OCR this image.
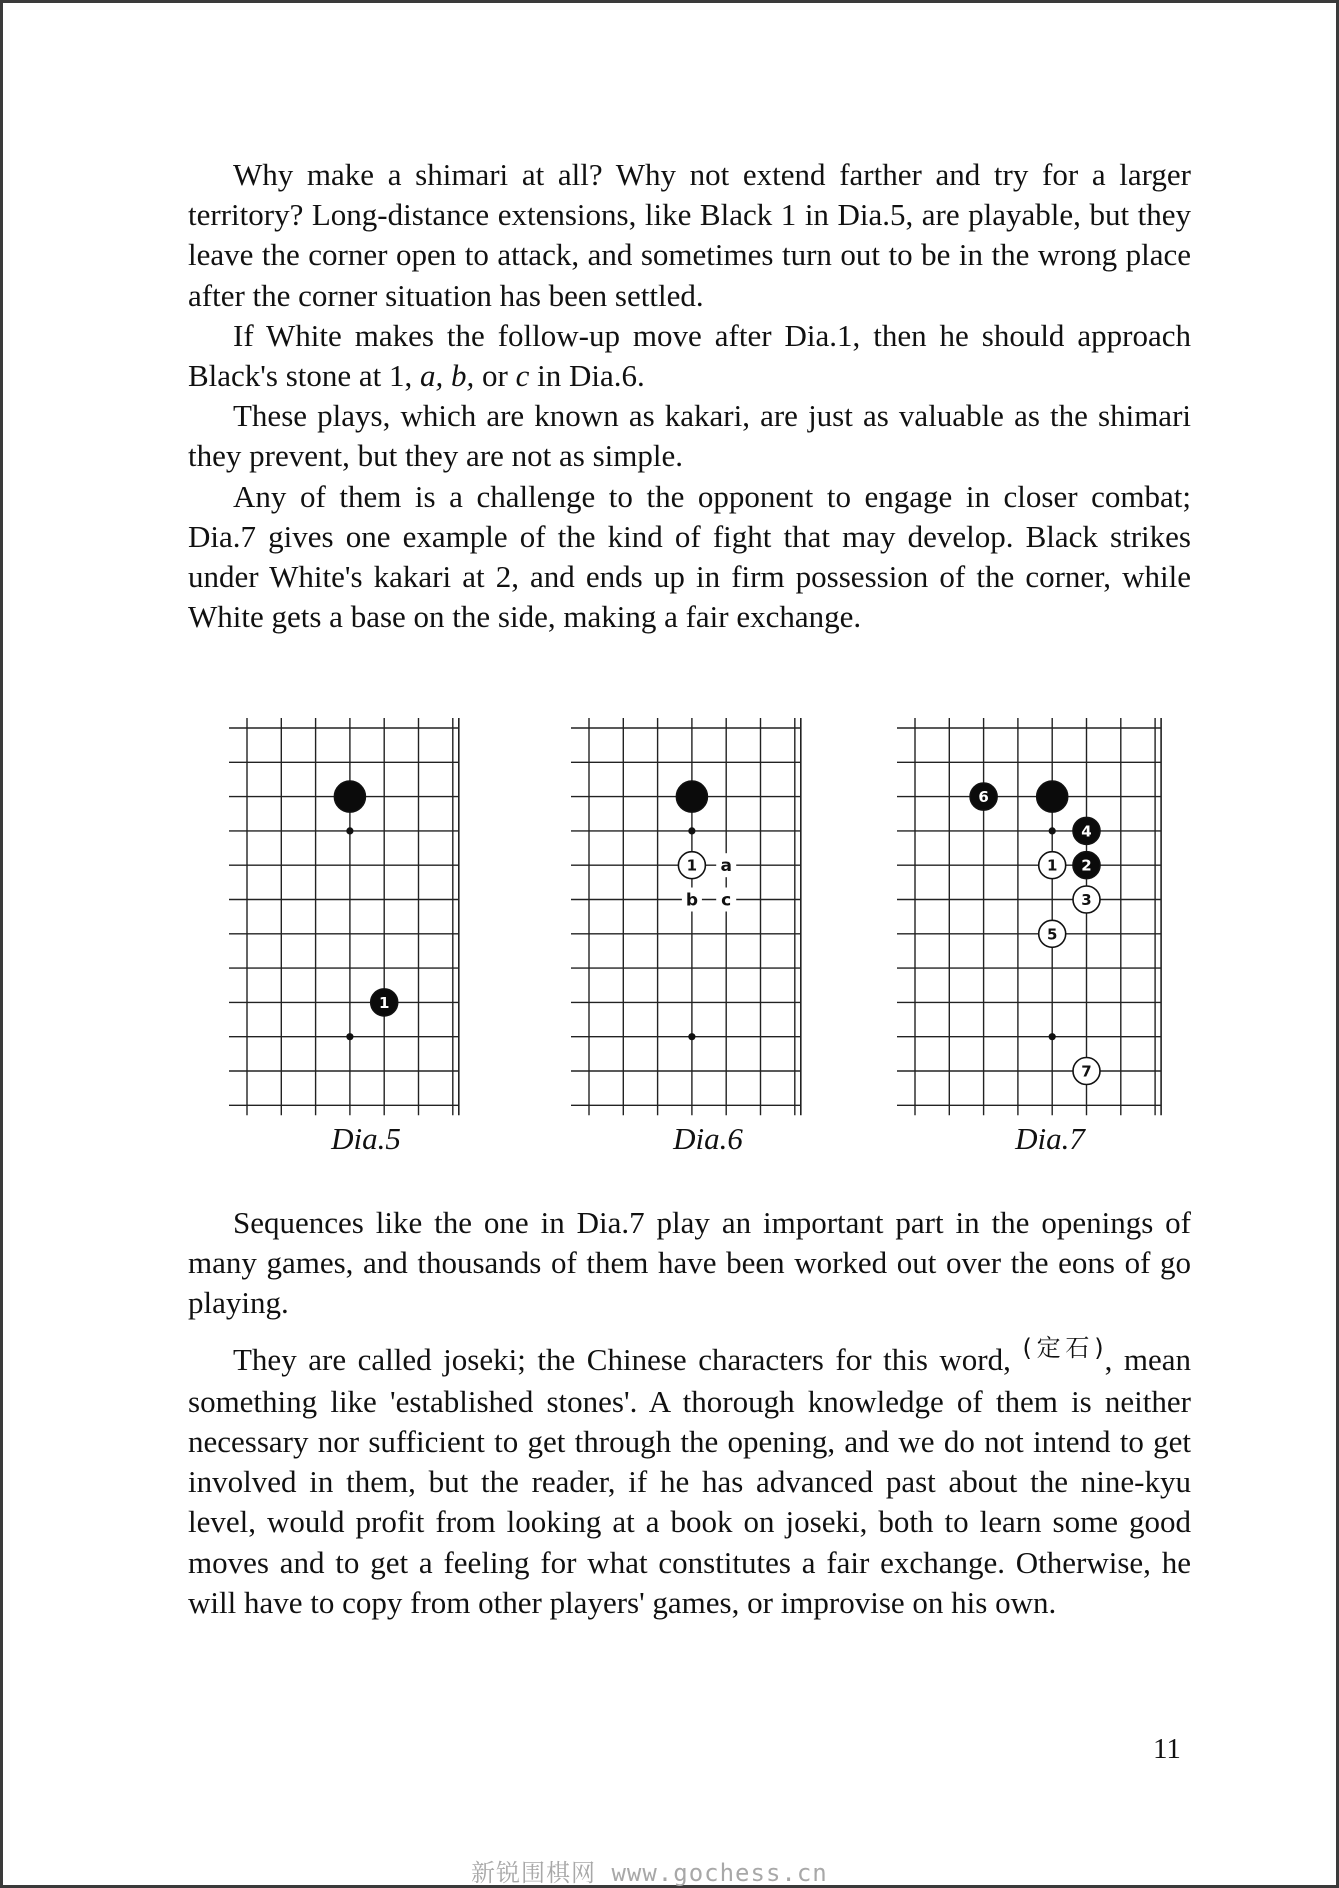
Why make a shimari at all? Why not extend farther and try for a larger territory? Long-distance extensions, like Black 1 in Dia.5, are playable, but they leave the corner open to attack, and sometimes turn out to be in the wrong place after the corner situation has been settled.

If White makes the follow-up move after Dia.1, then he should approach Black's stone at 1, a, b, or c in Dia.6.

These plays, which are known as kakari, are just as valuable as the shimari they prevent, but they are not as simple.

Any of them is a challenge to the opponent to engage in closer combat; Dia.7 gives one example of the kind of fight that may develop. Black strikes under White's kakari at 2, and ends up in firm possession of the corner, while White gets a base on the side, making a fair exchange.

1
a
b c
1
6
4
2
1
3
5
7
Dia.5	Dia.6	Dia.7

Sequences like the one in Dia.7 play an important part in the openings of many games, and thousands of them have been worked out over the eons of go playing.

They are called joseki; the Chinese characters for this word, $^{(定石)}$, mean something like 'established stones'. A thorough knowledge of them is neither necessary nor sufficient to get through the opening, and we do not intend to get involved in them, but the reader, if he has advanced past about the nine-kyu level, would profit from looking at a book on joseki, both to learn some good moves and to get a feeling for what constitutes a fair exchange. Otherwise, he will have to copy from other players' games, or improvise on his own.

11
新锐围棋网 www.gochess.cn
